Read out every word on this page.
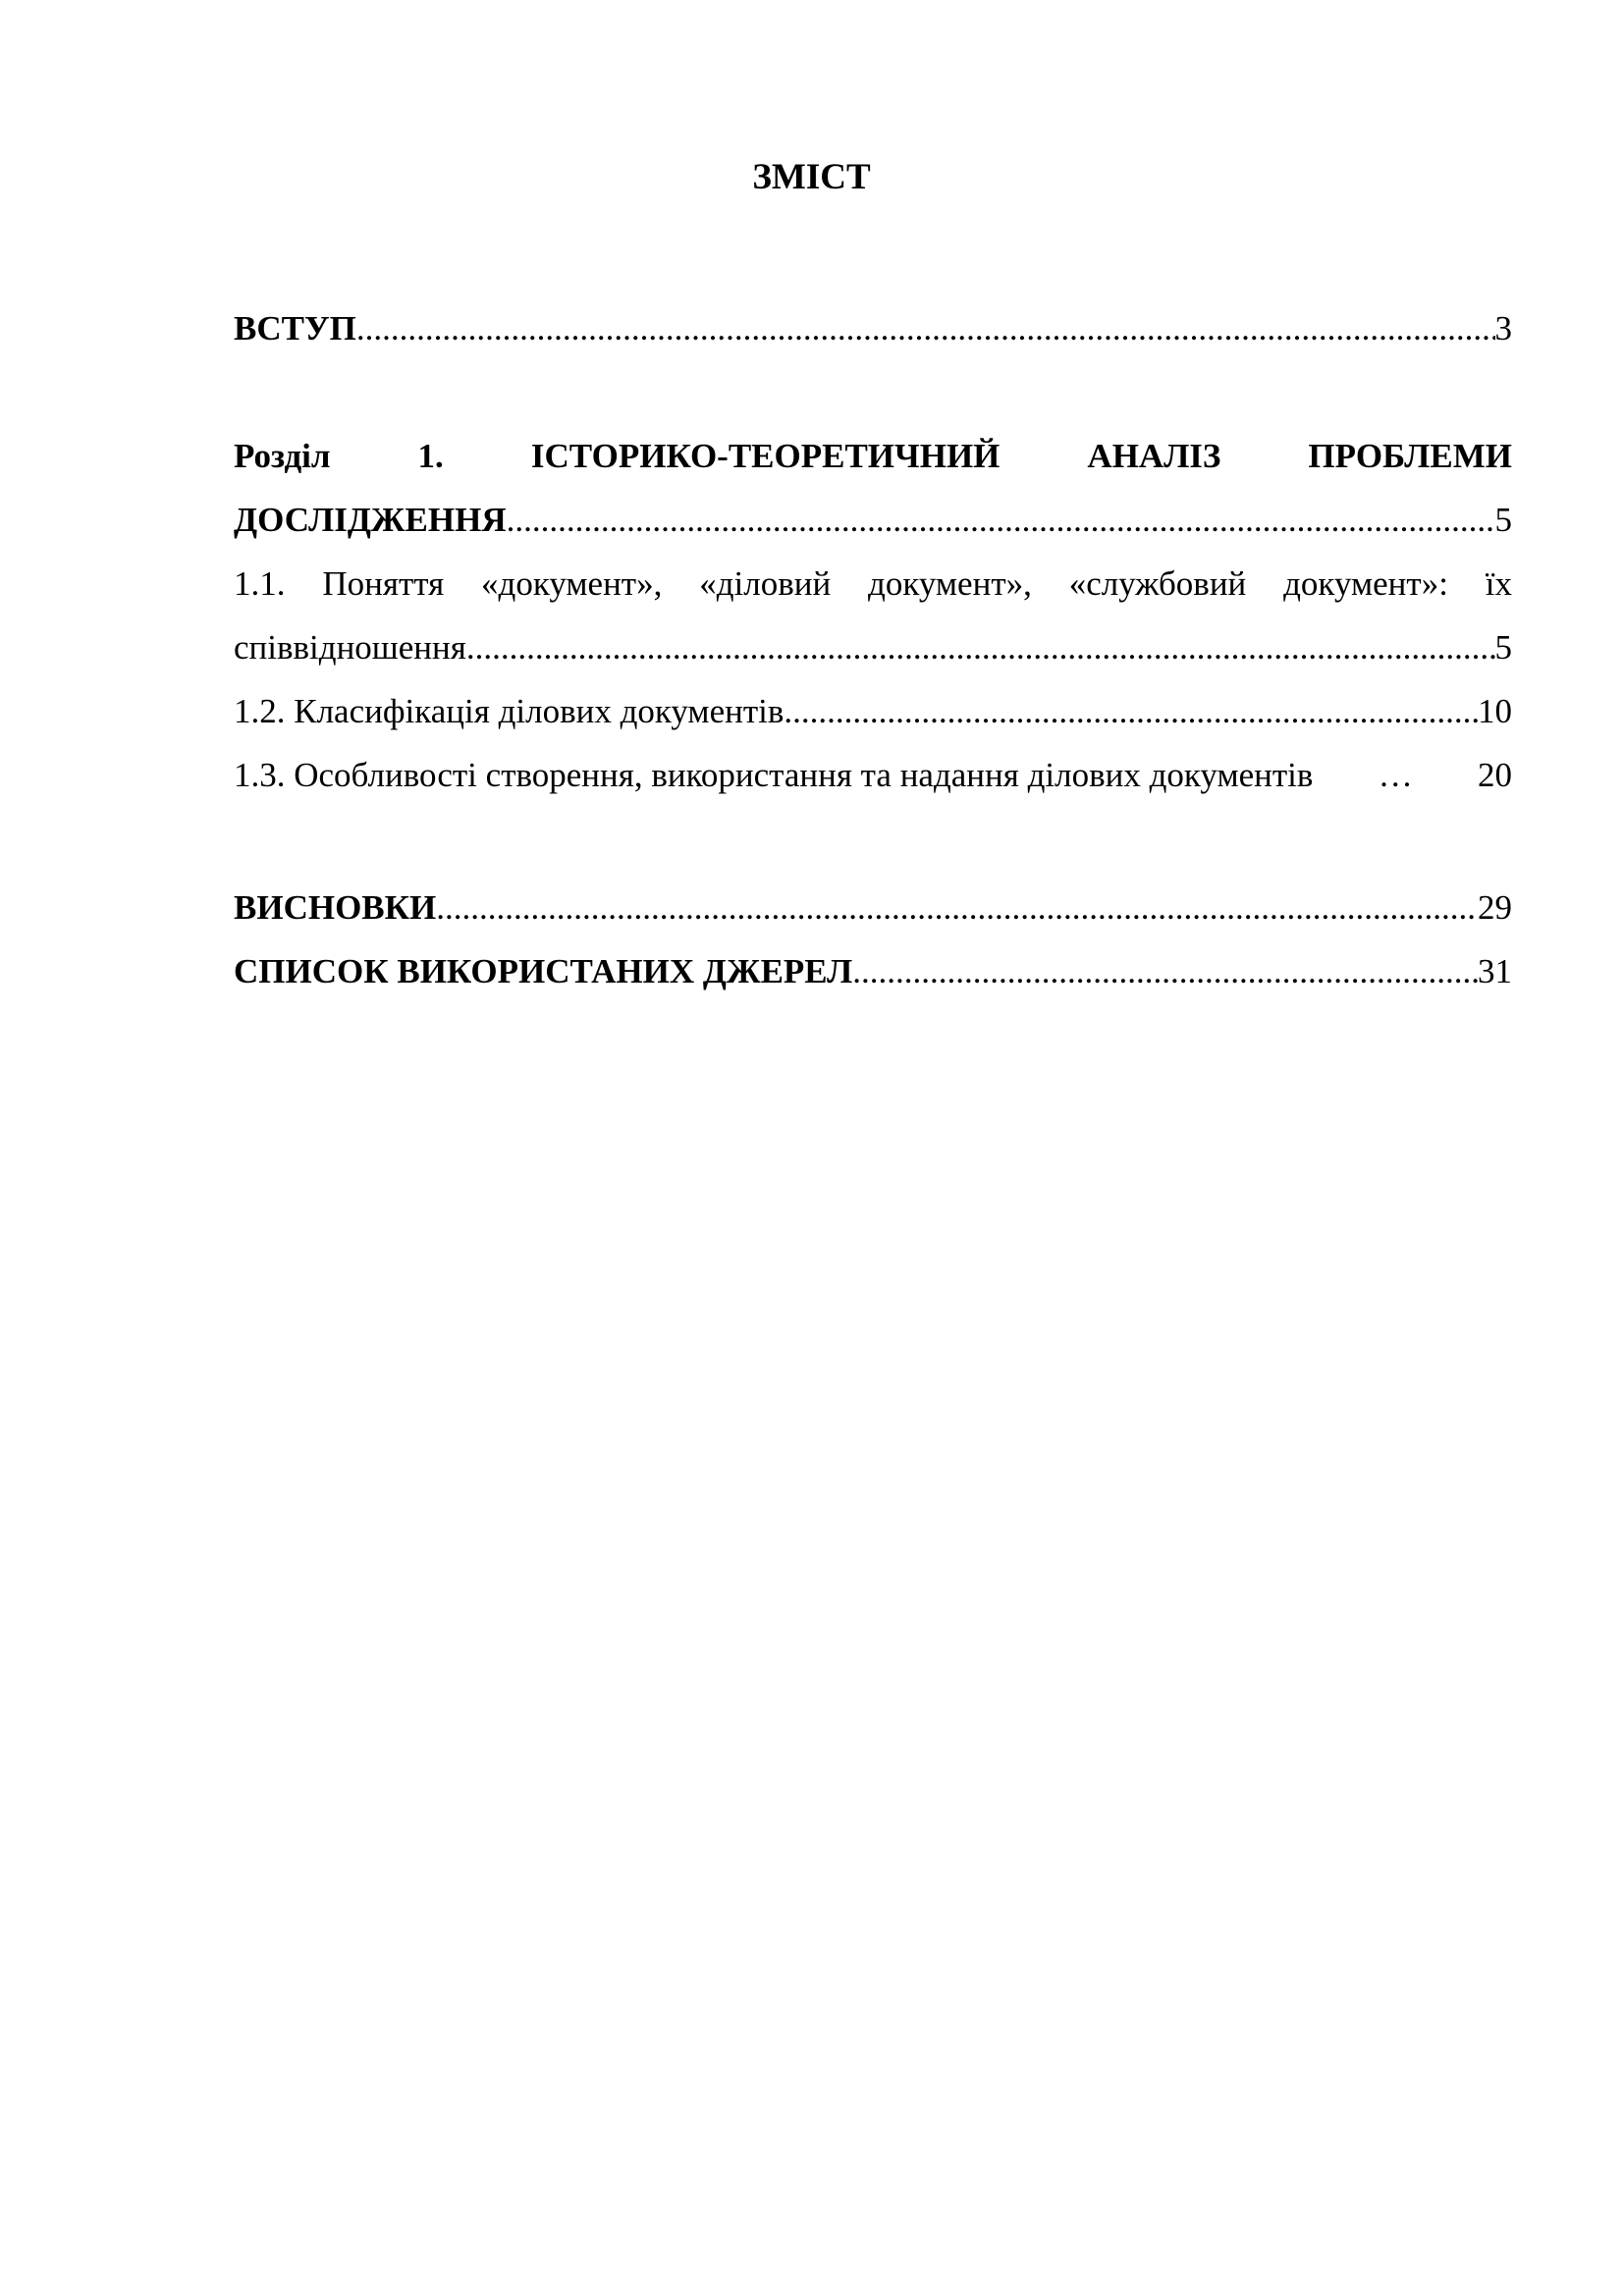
ЗМІСТ
ВСТУП .....	3
Розділ 1. ІСТОРИКО-ТЕОРЕТИЧНИЙ АНАЛІЗ ПРОБЛЕМИ
ДОСЛІДЖЕННЯ .....	5
1.1. Поняття «документ», «діловий документ», «службовий документ»: їх
співвідношення .....	5
1.2. Класифікація ділових документів .....	10
1.3. Особливості створення, використання та надання ділових документів	…	20
ВИСНОВКИ .....	29
СПИСОК ВИКОРИСТАНИХ ДЖЕРЕЛ .....	31
